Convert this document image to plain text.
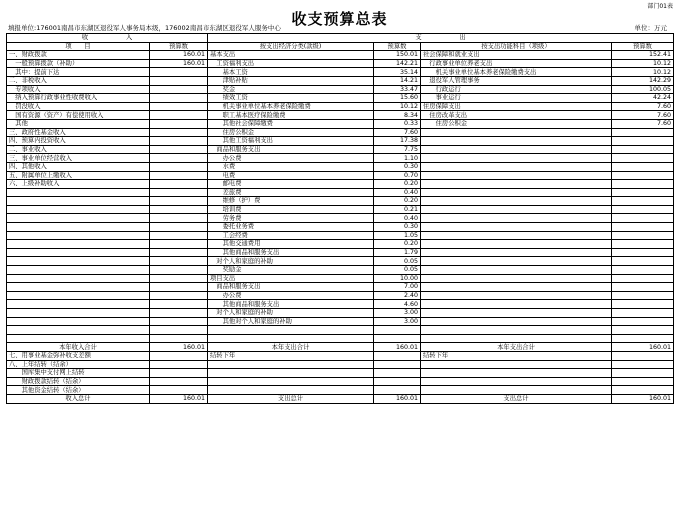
部门01表
收支预算总表
填报单位:176001南昌市东湖区退役军人事务局本级，176002南昌市东湖区退役军人服务中心	单位：万元
收　　　　　　入		支　　　　　　出			
项　　目	预算数	按支出经济分类(款级)	预算数	按支出功能科目（项级）	预算数
一、财政拨款	160.01	基本支出	150.01	社会保障和就业支出	152.41
　一般预算拨款（补助）	160.01	　工资福利支出	142.21	　行政事业单位养老支出	10.12
　其中：提前下达		　　基本工资	35.14	　　机关事业单位基本养老保险缴费支出	10.12
二、非税收入		　　津贴补贴	14.21	　退役军人管理事务	142.29
　专项收入		　　奖金	33.47	　　行政运行	100.05
　纳入预算行政事业性收费收入		　　绩效工资	15.60	　　事业运行	42.24
　罚没收入		　　机关事业单位基本养老保险缴费	10.12	住房保障支出	7.60
　国有资源（资产）有偿使用收入		　　职工基本医疗保险缴费	8.34	　住房改革支出	7.60
　其他		　　其他社会保障缴费	0.33	　　住房公积金	7.60
三、政府性基金收入		　　住房公积金	7.60		
四、预算内投资收入		　　其他工资福利支出	17.38		
二、事业收入		　商品和服务支出	7.75		
三、事业单位经营收入		　　办公费	1.10		
四、其他收入		　　水费	0.30		
五、附属单位上缴收入		　　电费	0.70		
六、上级补助收入		　　邮电费	0.20		
		　　差旅费	0.40		
		　　维修（护）费	0.20		
		　　培训费	0.21		
		　　劳务费	0.40		
		　　委托业务费	0.30		
		　　工会经费	1.05		
		　　其他交通费用	0.20		
		　　其他商品和服务支出	1.79		
		　对个人和家庭的补助	0.05		
		　　奖励金	0.05		
		项目支出	10.00		
		　商品和服务支出	7.00		
		　　办公费	2.40		
		　　其他商品和服务支出	4.60		
		　对个人和家庭的补助	3.00		
		　　其他对个人和家庭的补助	3.00		

本年收入合计	160.01	本年支出合计	160.01	本年支出合计	160.01
七、用事业基金弥补收支差额		结转下年		结转下年	
八、上年结转（结余）					
　　国库集中支付网上结转					
　　财政拨款结转（结余）					
　　其他资金结转（结余）					
收入总计	160.01	支出总计	160.01	支出总计	160.01
